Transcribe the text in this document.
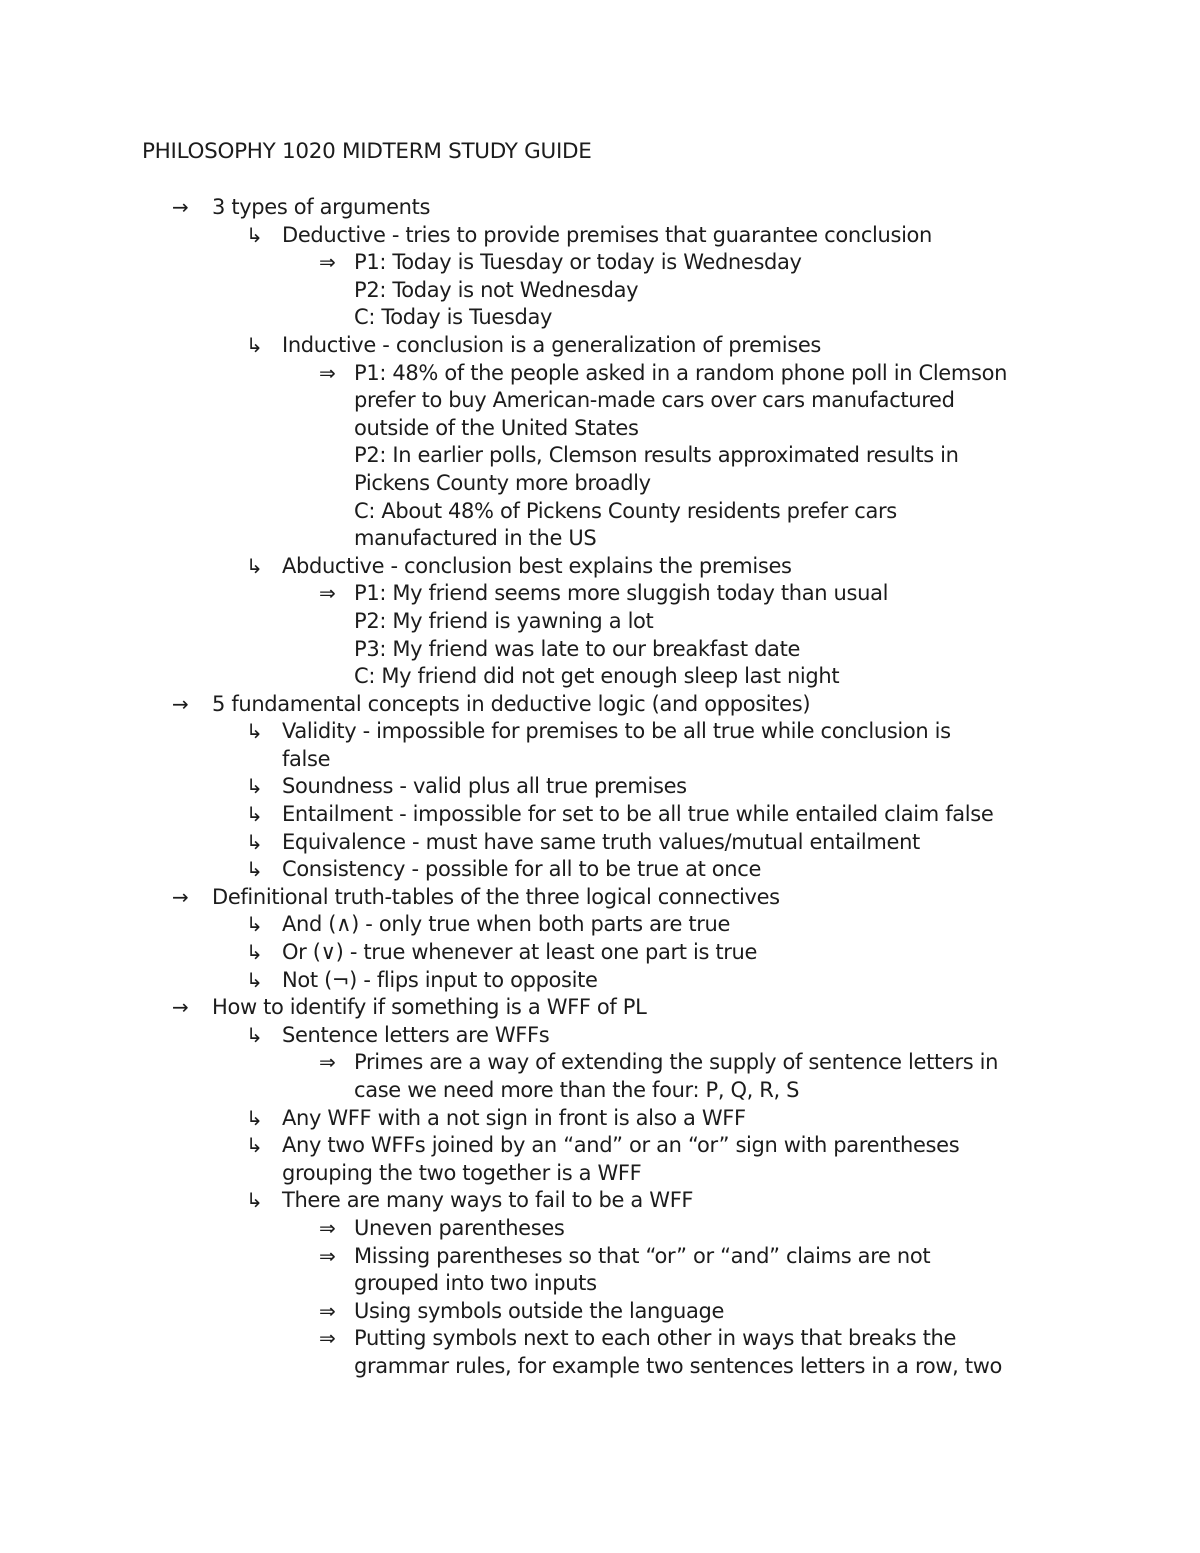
PHILOSOPHY 1020 MIDTERM STUDY GUIDE
→ 3 types of arguments
↳ Deductive - tries to provide premises that guarantee conclusion
⇒ P1: Today is Tuesday or today is Wednesday
P2: Today is not Wednesday
C: Today is Tuesday
↳ Inductive - conclusion is a generalization of premises
⇒ P1: 48% of the people asked in a random phone poll in Clemson
prefer to buy American-made cars over cars manufactured
outside of the United States
P2: In earlier polls, Clemson results approximated results in
Pickens County more broadly
C: About 48% of Pickens County residents prefer cars
manufactured in the US
↳ Abductive - conclusion best explains the premises
⇒ P1: My friend seems more sluggish today than usual
P2: My friend is yawning a lot
P3: My friend was late to our breakfast date
C: My friend did not get enough sleep last night
→ 5 fundamental concepts in deductive logic (and opposites)
↳ Validity - impossible for premises to be all true while conclusion is
false
↳ Soundness - valid plus all true premises
↳ Entailment - impossible for set to be all true while entailed claim false
↳ Equivalence - must have same truth values/mutual entailment
↳ Consistency - possible for all to be true at once
→ Definitional truth-tables of the three logical connectives
↳ And (∧) - only true when both parts are true
↳ Or (∨) - true whenever at least one part is true
↳ Not (¬) - flips input to opposite
→ How to identify if something is a WFF of PL
↳ Sentence letters are WFFs
⇒ Primes are a way of extending the supply of sentence letters in
case we need more than the four: P, Q, R, S
↳ Any WFF with a not sign in front is also a WFF
↳ Any two WFFs joined by an “and” or an “or” sign with parentheses
grouping the two together is a WFF
↳ There are many ways to fail to be a WFF
⇒ Uneven parentheses
⇒ Missing parentheses so that “or” or “and” claims are not
grouped into two inputs
⇒ Using symbols outside the language
⇒ Putting symbols next to each other in ways that breaks the
grammar rules, for example two sentences letters in a row, two
